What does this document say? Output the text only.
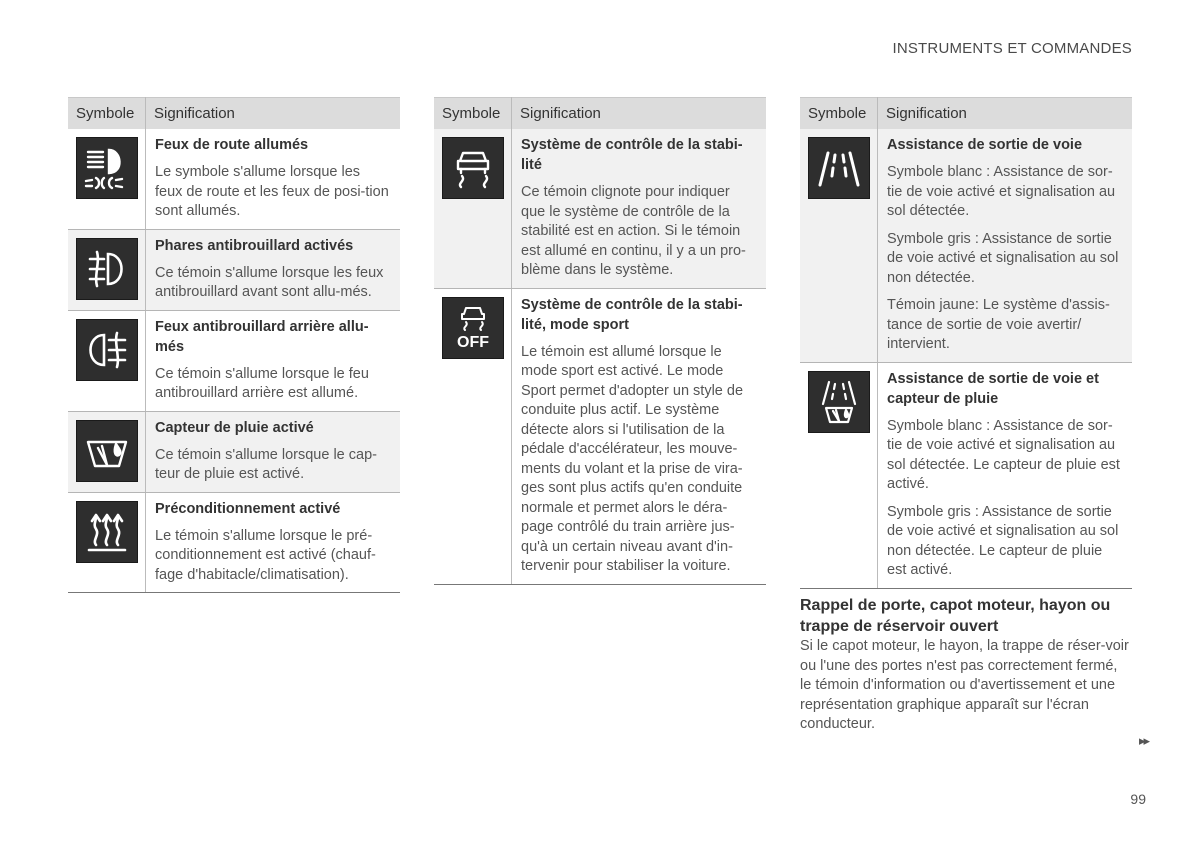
INSTRUMENTS ET COMMANDES
Symbole	Signification

Feux de route allumés

Le symbole s'allume lorsque les feux de route et les feux de posi-tion sont allumés.

Phares antibrouillard activés

Ce témoin s'allume lorsque les feux antibrouillard avant sont allu-més.

Feux antibrouillard arrière allu-més

Ce témoin s'allume lorsque le feu antibrouillard arrière est allumé.

Capteur de pluie activé

Ce témoin s'allume lorsque le cap-teur de pluie est activé.

Préconditionnement activé

Le témoin s'allume lorsque le pré-conditionnement est activé (chauf-fage d'habitacle/climatisation).

Symbole	Signification

Système de contrôle de la stabi-lité

Ce témoin clignote pour indiquer que le système de contrôle de la stabilité est en action. Si le témoin est allumé en continu, il y a un pro-blème dans le système.

OFF	Système de contrôle de la stabi-lité, mode sport

Le témoin est allumé lorsque le mode sport est activé. Le mode Sport permet d'adopter un style de conduite plus actif. Le système détecte alors si l'utilisation de la pédale d'accélérateur, les mouve-ments du volant et la prise de vira-ges sont plus actifs qu'en conduite normale et permet alors le déra-page contrôlé du train arrière jus-qu'à un certain niveau avant d'in-tervenir pour stabiliser la voiture.

Symbole	Signification

Assistance de sortie de voie

Symbole blanc : Assistance de sor-tie de voie activé et signalisation au sol détectée.

Symbole gris : Assistance de sortie de voie activé et signalisation au sol non détectée.

Témoin jaune: Le système d'assis-tance de sortie de voie avertir/ intervient.

Assistance de sortie de voie et capteur de pluie

Symbole blanc : Assistance de sor-tie de voie activé et signalisation au sol détectée. Le capteur de pluie est activé.

Symbole gris : Assistance de sortie de voie activé et signalisation au sol non détectée. Le capteur de pluie est activé.

Rappel de porte, capot moteur, hayon ou trappe de réservoir ouvert
Si le capot moteur, le hayon, la trappe de réser-voir ou l'une des portes n'est pas correctement fermé, le témoin d'information ou d'avertissement et une représentation graphique apparaît sur l'écran conducteur.
▸▸
99
